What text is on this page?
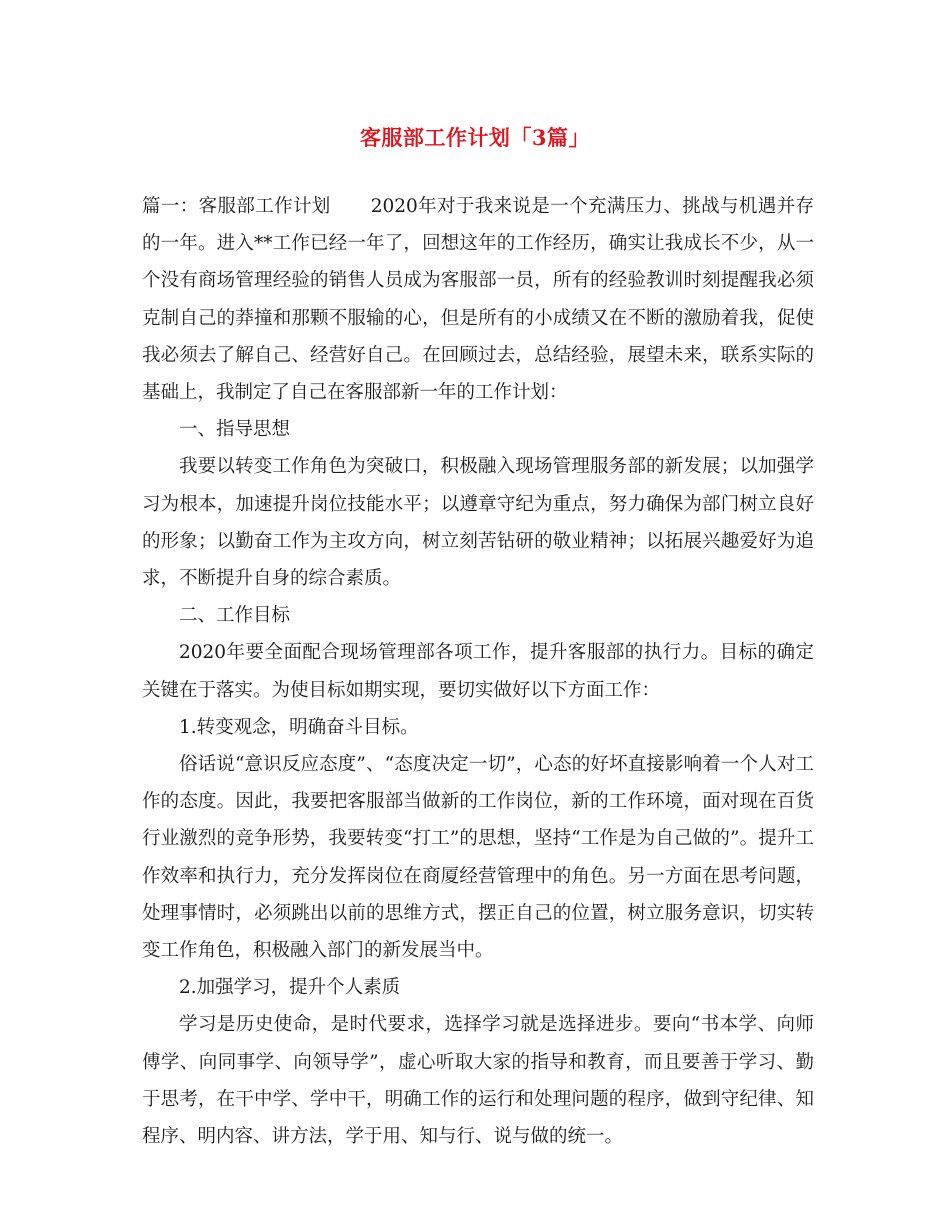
客服部工作计划「3篇」

篇一：客服部工作计划 2020年对于我来说是一个充满压力、挑战与机遇并存的一年。进入**工作已经一年了，回想这年的工作经历，确实让我成长不少，从一个没有商场管理经验的销售人员成为客服部一员，所有的经验教训时刻提醒我必须克制自己的莽撞和那颗不服输的心，但是所有的小成绩又在不断的激励着我，促使我必须去了解自己、经营好自己。在回顾过去，总结经验，展望未来，联系实际的基础上，我制定了自己在客服部新一年的工作计划：

一、指导思想

我要以转变工作角色为突破口，积极融入现场管理服务部的新发展；以加强学习为根本，加速提升岗位技能水平；以遵章守纪为重点，努力确保为部门树立良好的形象；以勤奋工作为主攻方向，树立刻苦钻研的敬业精神；以拓展兴趣爱好为追求，不断提升自身的综合素质。

二、工作目标

2020年要全面配合现场管理部各项工作，提升客服部的执行力。目标的确定关键在于落实。为使目标如期实现，要切实做好以下方面工作：

1.转变观念，明确奋斗目标。

俗话说“意识反应态度”、“态度决定一切”，心态的好坏直接影响着一个人对工作的态度。因此，我要把客服部当做新的工作岗位，新的工作环境，面对现在百货行业激烈的竞争形势，我要转变“打工”的思想，坚持“工作是为自己做的”。提升工作效率和执行力，充分发挥岗位在商厦经营管理中的角色。另一方面在思考问题，处理事情时，必须跳出以前的思维方式，摆正自己的位置，树立服务意识，切实转变工作角色，积极融入部门的新发展当中。

2.加强学习，提升个人素质

学习是历史使命，是时代要求，选择学习就是选择进步。要向“书本学、向师傅学、向同事学、向领导学”，虚心听取大家的指导和教育，而且要善于学习、勤于思考，在干中学、学中干，明确工作的运行和处理问题的程序，做到守纪律、知程序、明内容、讲方法，学于用、知与行、说与做的统一。
